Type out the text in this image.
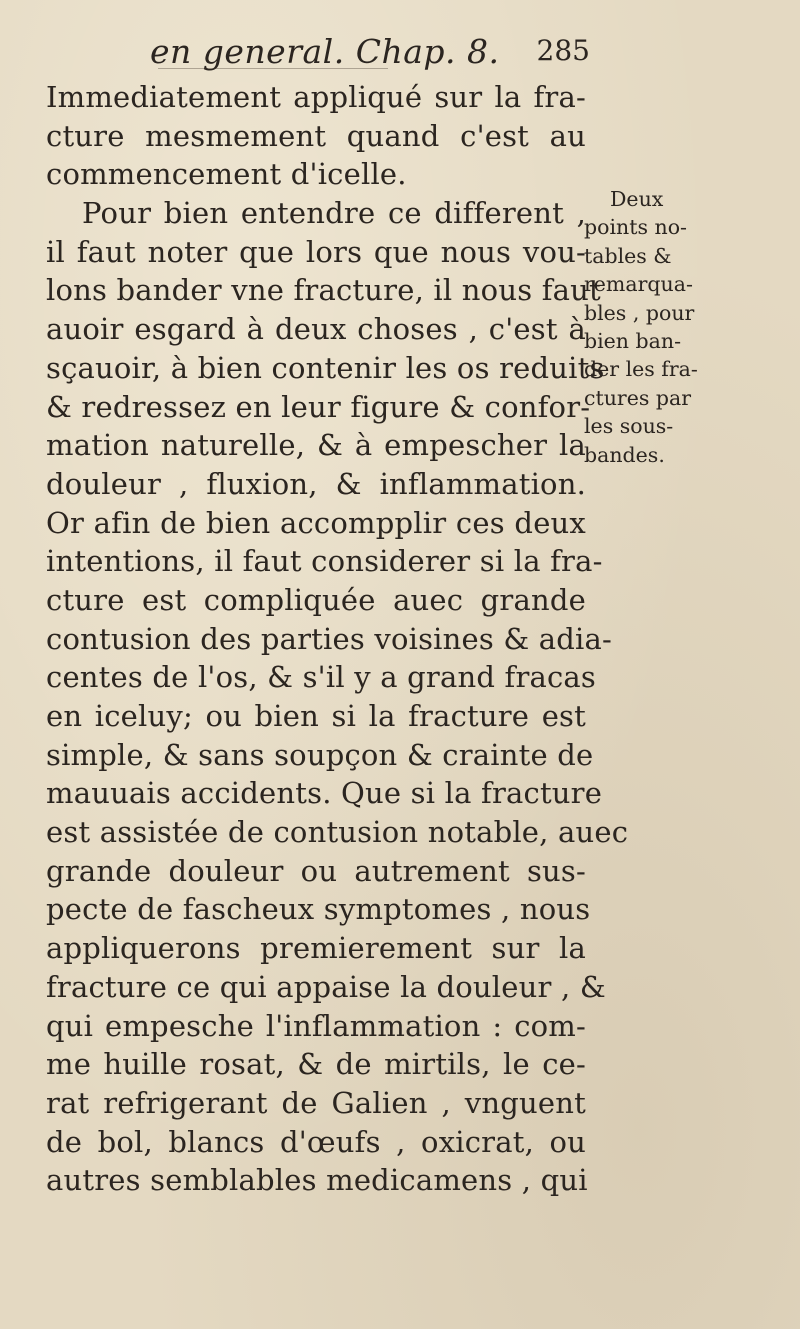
en general. Chap. 8. 285
Immediatement appliqué sur la fra-
cture mesmement quand c'est au
commencement d'icelle.
Pour bien entendre ce different ,
il faut noter que lors que nous vou-
lons bander vne fracture, il nous faut
auoir esgard à deux choses , c'est à
sçauoir, à bien contenir les os reduits
& redressez en leur figure & confor-
mation naturelle, & à empescher la
douleur , fluxion, & inflammation.
Or afin de bien accompplir ces deux
intentions, il faut considerer si la fra-
cture est compliquée auec grande
contusion des parties voisines & adia-
centes de l'os, & s'il y a grand fracas
en iceluy; ou bien si la fracture est
simple, & sans soupçon & crainte de
mauuais accidents. Que si la fracture
est assistée de contusion notable, auec
grande douleur ou autrement sus-
pecte de fascheux symptomes , nous
appliquerons premierement sur la
fracture ce qui appaise la douleur , &
qui empesche l'inflammation : com-
me huille rosat, & de mirtils, le ce-
rat refrigerant de Galien , vnguent
de bol, blancs d'œufs , oxicrat, ou
autres semblables medicamens , qui
Deux
points no-
tables &
remarqua-
bles , pour
bien ban-
der les fra-
ctures par
les sous-
bandes.
